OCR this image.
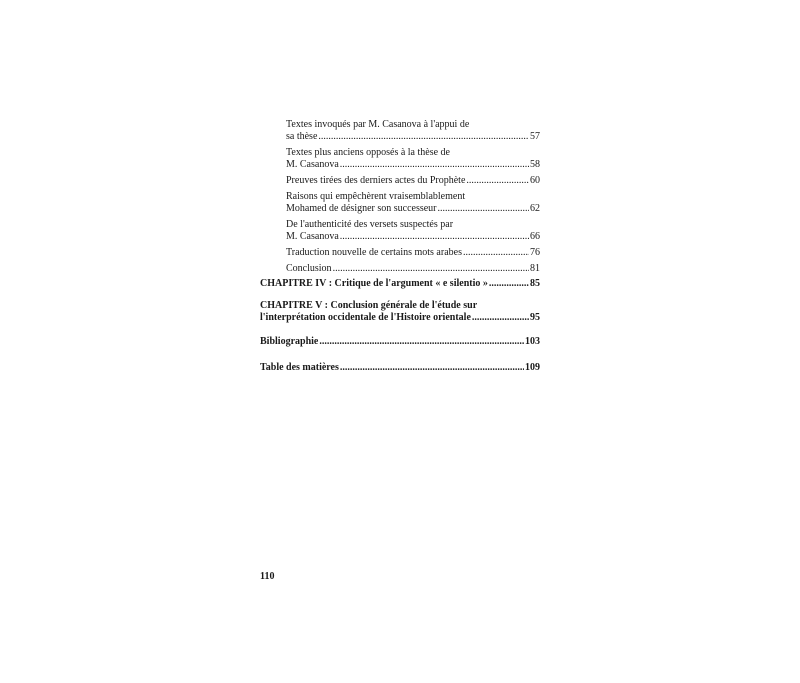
Textes invoqués par M. Casanova à l'appui de
sa thèse .....	57
Textes plus anciens opposés à la thèse de
M. Casanova .....	58
Preuves tirées des derniers actes du Prophète .....	60
Raisons qui empêchèrent vraisemblablement
Mohamed de désigner son successeur .....	62
De l'authenticité des versets suspectés par
M. Casanova .....	66
Traduction nouvelle de certains mots arabes .....	76
Conclusion .....	81
CHAPITRE IV : Critique de l'argument « e silentio » .....	85
CHAPITRE V : Conclusion générale de l'étude sur
l'interprétation occidentale de l'Histoire orientale .....	95
Bibliographie .....	103
Table des matières .....	109
110
